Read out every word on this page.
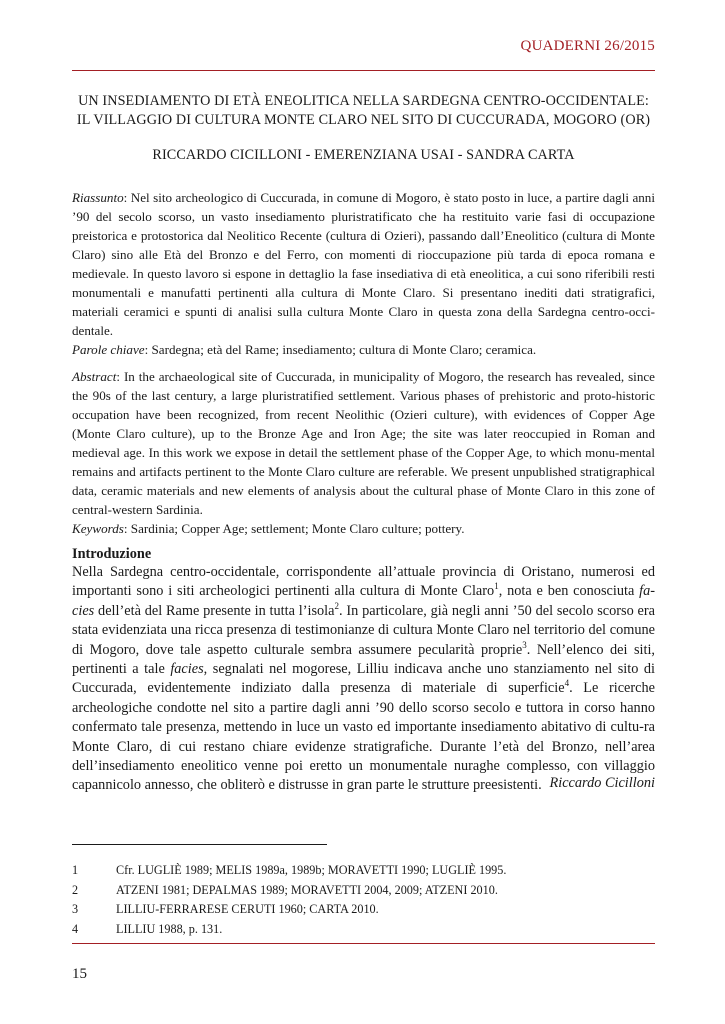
QUADERNI 26/2015
UN INSEDIAMENTO DI ETÀ ENEOLITICA NELLA SARDEGNA CENTRO-OCCIDENTALE:
IL VILLAGGIO DI CULTURA MONTE CLARO NEL SITO DI CUCCURADA, MOGORO (OR)
RICCARDO CICILLONI - EMERENZIANA USAI - SANDRA CARTA

Riassunto: Nel sito archeologico di Cuccurada, in comune di Mogoro, è stato posto in luce, a partire dagli anni ’90 del secolo scorso, un vasto insediamento pluristratificato che ha restituito varie fasi di occupazione preistorica e protostorica dal Neolitico Recente (cultura di Ozieri), passando dall’Eneolitico (cultura di Monte Claro) sino alle Età del Bronzo e del Ferro, con momenti di rioccupazione più tarda di epoca romana e medievale. In questo lavoro si espone in dettaglio la fase insediativa di età eneolitica, a cui sono riferibili resti monumentali e manufatti pertinenti alla cultura di Monte Claro. Si presentano inediti dati stratigrafici, materiali ceramici e spunti di analisi sulla cultura Monte Claro in questa zona della Sardegna centro-occi-dentale.

Parole chiave: Sardegna; età del Rame; insediamento; cultura di Monte Claro; ceramica.

Abstract: In the archaeological site of Cuccurada, in municipality of Mogoro, the research has revealed, since the 90s of the last century, a large pluristratified settlement. Various phases of prehistoric and proto-historic occupation have been recognized, from recent Neolithic (Ozieri culture), with evidences of Copper Age (Monte Claro culture), up to the Bronze Age and Iron Age; the site was later reoccupied in Roman and medieval age. In this work we expose in detail the settlement phase of the Copper Age, to which monu-mental remains and artifacts pertinent to the Monte Claro culture are referable. We present unpublished stratigraphical data, ceramic materials and new elements of analysis about the cultural phase of Monte Claro in this zone of central-western Sardinia.

Keywords: Sardinia; Copper Age; settlement; Monte Claro culture; pottery.

Introduzione

Nella Sardegna centro-occidentale, corrispondente all’attuale provincia di Oristano, numerosi ed importanti sono i siti archeologici pertinenti alla cultura di Monte Claro$^1$, nota e ben conosciuta fa-cies dell’età del Rame presente in tutta l’isola$^2$. In particolare, già negli anni ’50 del secolo scorso era stata evidenziata una ricca presenza di testimonianze di cultura Monte Claro nel territorio del comune di Mogoro, dove tale aspetto culturale sembra assumere pecularità proprie$^3$. Nell’elenco dei siti, pertinenti a tale facies, segnalati nel mogorese, Lilliu indicava anche uno stanziamento nel sito di Cuccurada, evidentemente indiziato dalla presenza di materiale di superficie$^4$. Le ricerche archeologiche condotte nel sito a partire dagli anni ’90 dello scorso secolo e tuttora in corso hanno confermato tale presenza, mettendo in luce un vasto ed importante insediamento abitativo di cultu-ra Monte Claro, di cui restano chiare evidenze stratigrafiche. Durante l’età del Bronzo, nell’area dell’insediamento eneolitico venne poi eretto un monumentale nuraghe complesso, con villaggio capannicolo annesso, che obliterò e distrusse in gran parte le strutture preesistenti. Riccardo Cicilloni
1	Cfr. LUGLIÈ 1989; MELIS 1989a, 1989b; MORAVETTI 1990; LUGLIÈ 1995.
2	ATZENI 1981; DEPALMAS 1989; MORAVETTI 2004, 2009; ATZENI 2010.
3	LILLIU-FERRARESE CERUTI 1960; CARTA 2010.
4	LILLIU 1988, p. 131.
15
